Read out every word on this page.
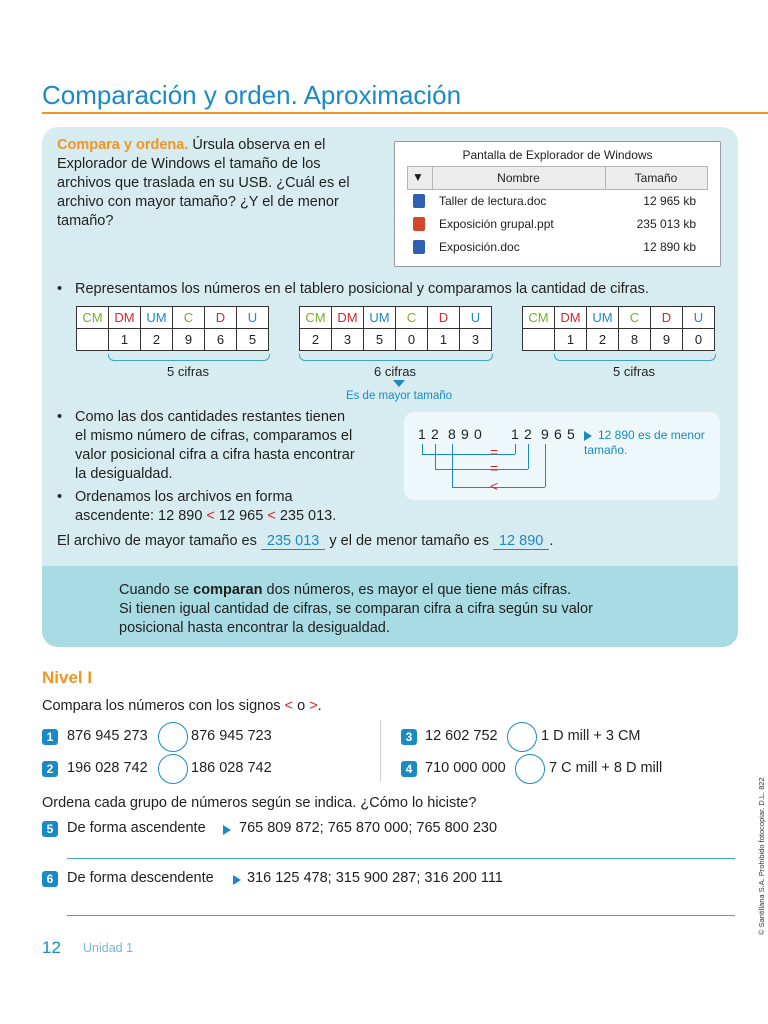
Comparación y orden. Aproximación
Compara y ordena. Úrsula observa en el
Explorador de Windows el tamaño de los
archivos que traslada en su USB. ¿Cuál es el
archivo con mayor tamaño? ¿Y el de menor
tamaño?
Pantalla de Explorador de Windows
▼	Nombre	Tamaño
Taller de lectura.doc	12 965 kb
Exposición grupal.ppt	235 013 kb
Exposición.doc	12 890 kb
• Representamos los números en el tablero posicional y comparamos la cantidad de cifras.
CM	DM	UM	C	D	U
	1	2	9	6	5
CM	DM	UM	C	D	U
2	3	5	0	1	3
CM	DM	UM	C	D	U
	1	2	8	9	0
5 cifras	6 cifras	5 cifras
Es de mayor tamaño
• Como las dos cantidades restantes tienen
el mismo número de cifras, comparamos el
valor posicional cifra a cifra hasta encontrar
la desigualdad.
1 2 8 9 0 1 2 9 6 5
=
=
<
12 890 es de menor tamaño.
• Ordenamos los archivos en forma
ascendente: 12 890 < 12 965 < 235 013.
El archivo de mayor tamaño es 235 013 y el de menor tamaño es 12 890 .
Cuando se comparan dos números, es mayor el que tiene más cifras.
Si tienen igual cantidad de cifras, se comparan cifra a cifra según su valor
posicional hasta encontrar la desigualdad.
Nivel I
Compara los números con los signos < o >.
1 876 945 273	876 945 723
2 196 028 742	186 028 742
3 12 602 752	1 D mill + 3 CM
4 710 000 000	7 C mill + 8 D mill
Ordena cada grupo de números según se indica. ¿Cómo lo hiciste?
5 De forma ascendente 765 809 872; 765 870 000; 765 800 230
6 De forma descendente 316 125 478; 315 900 287; 316 200 111
12 Unidad 1
© Santillana S.A. Prohibido fotocopiar. D.L. 822
